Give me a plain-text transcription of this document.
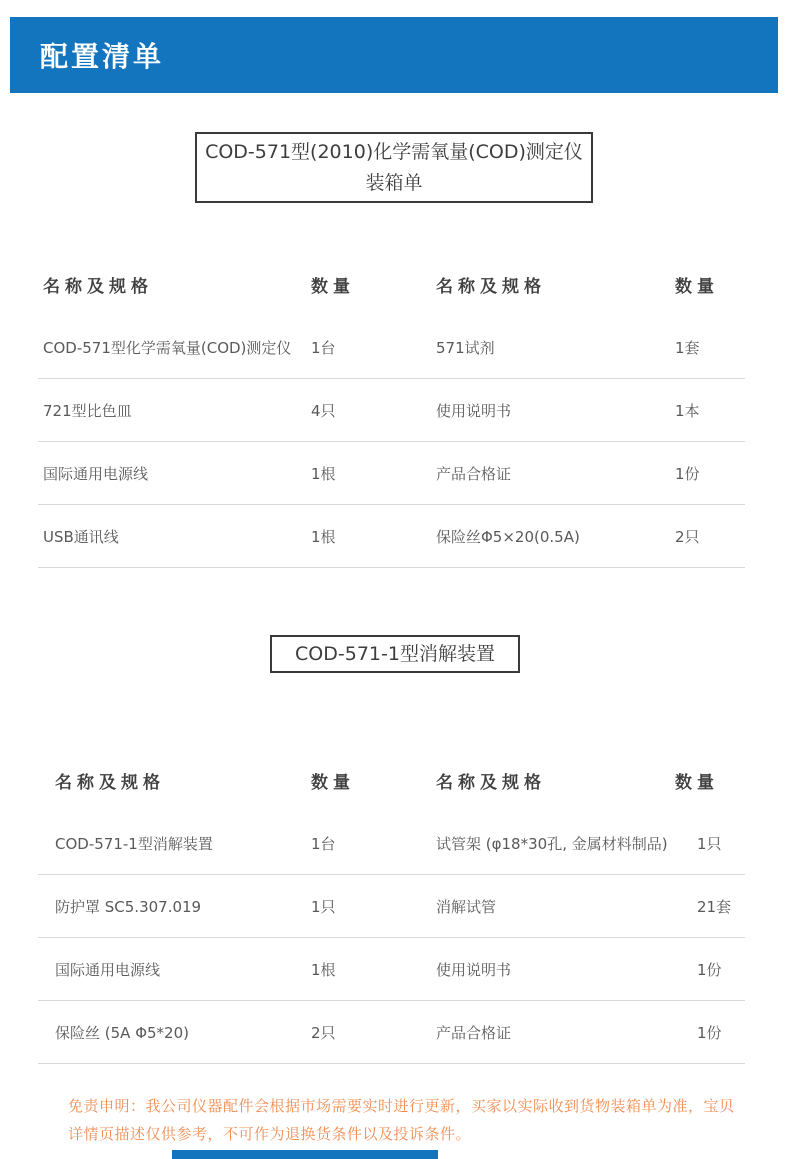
配置清单
COD-571型(2010)化学需氧量(COD)测定仪
装箱单
名称及规格	数量	名称及规格	数量
COD-571型化学需氧量(COD)测定仪	1台	571试剂	1套
721型比色皿	4只	使用说明书	1本
国际通用电源线	1根	产品合格证	1份
USB通讯线	1根	保险丝Φ5×20(0.5A)	2只
COD-571-1型消解装置
名称及规格	数量	名称及规格	数量
COD-571-1型消解装置	1台	试管架 (φ18*30孔, 金属材料制品)	1只
防护罩 SC5.307.019	1只	消解试管	21套
国际通用电源线	1根	使用说明书	1份
保险丝 (5A Φ5*20)	2只	产品合格证	1份
免责申明：我公司仪器配件会根据市场需要实时进行更新，买家以实际收到货物装箱单为准，宝贝详情页描述仅供参考，不可作为退换货条件以及投诉条件。
